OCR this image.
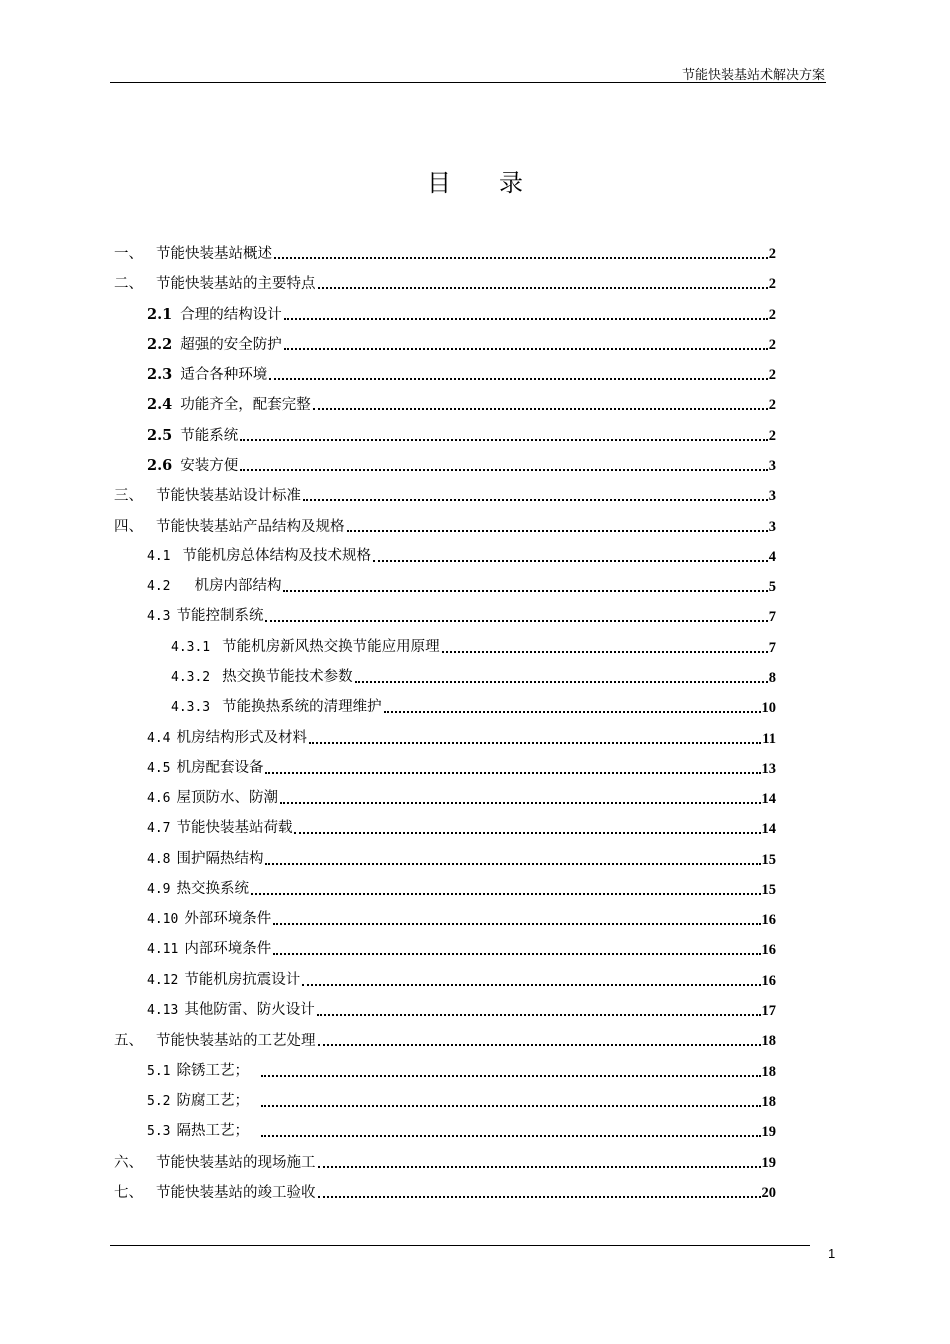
节能快装基站术解决方案
目录
一、 节能快装基站概述	2
二、 节能快装基站的主要特点	2
2.1 合理的结构设计	2
2.2 超强的安全防护	2
2.3 适合各种环境	2
2.4 功能齐全，配套完整	2
2.5 节能系统	2
2.6 安装方便	3
三、 节能快装基站设计标准	3
四、 节能快装基站产品结构及规格	3
4.1 节能机房总体结构及技术规格	4
4.2 机房内部结构	5
4.3 节能控制系统	7
4.3.1 节能机房新风热交换节能应用原理	7
4.3.2 热交换节能技术参数	8
4.3.3 节能换热系统的清理维护	10
4.4 机房结构形式及材料	11
4.5 机房配套设备	13
4.6 屋顶防水、防潮	14
4.7 节能快装基站荷载	14
4.8 围护隔热结构	15
4.9 热交换系统	15
4.10 外部环境条件	16
4.11 内部环境条件	16
4.12 节能机房抗震设计	16
4.13 其他防雷、防火设计	17
五、 节能快装基站的工艺处理	18
5.1 除锈工艺；	18
5.2 防腐工艺；	18
5.3 隔热工艺；	19
六、 节能快装基站的现场施工	19
七、 节能快装基站的竣工验收	20
1
